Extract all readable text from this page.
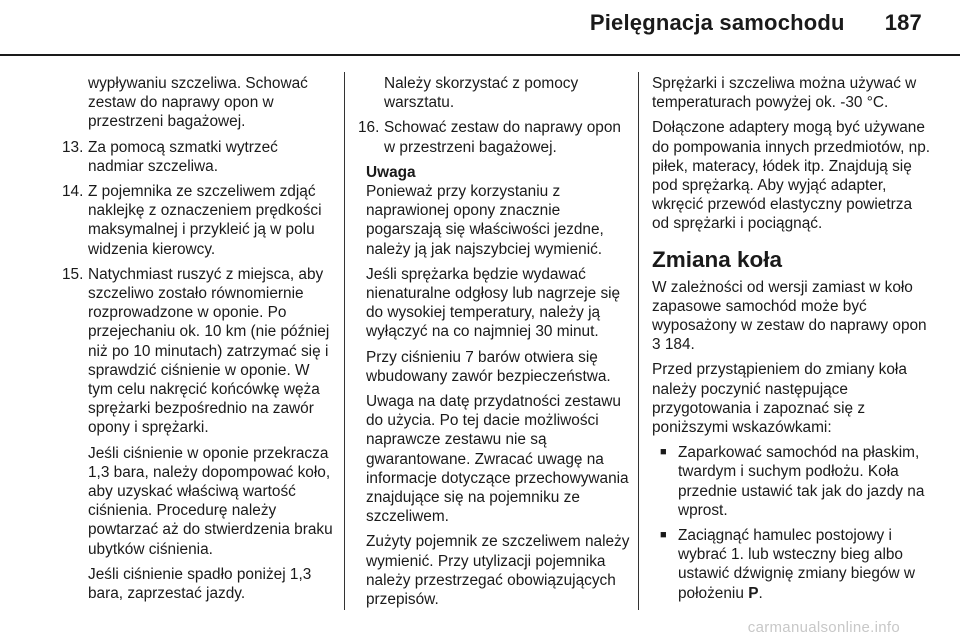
Pielęgnacja samochodu 187

wypływaniu szczeliwa. Schować zestaw do naprawy opon w przestrzeni bagażowej.

13. Za pomocą szmatki wytrzeć nadmiar szczeliwa.
14. Z pojemnika ze szczeliwem zdjąć naklejkę z oznaczeniem prędkości maksymalnej i przykleić ją w polu widzenia kierowcy.
15. Natychmiast ruszyć z miejsca, aby szczeliwo zostało równomiernie rozprowadzone w oponie. Po przejechaniu ok. 10 km (nie później niż po 10 minutach) zatrzymać się i sprawdzić ciśnienie w oponie. W tym celu nakręcić końcówkę węża sprężarki bezpośrednio na zawór opony i sprężarki.

Jeśli ciśnienie w oponie przekracza 1,3 bara, należy dopompować koło, aby uzyskać właściwą wartość ciśnienia. Procedurę należy powtarzać aż do stwierdzenia braku ubytków ciśnienia.

Jeśli ciśnienie spadło poniżej 1,3 bara, zaprzestać jazdy.

Należy skorzystać z pomocy warsztatu.

16. Schować zestaw do naprawy opon w przestrzeni bagażowej.
Uwaga

Ponieważ przy korzystaniu z naprawionej opony znacznie pogarszają się właściwości jezdne, należy ją jak najszybciej wymienić.

Jeśli sprężarka będzie wydawać nienaturalne odgłosy lub nagrzeje się do wysokiej temperatury, należy ją wyłączyć na co najmniej 30 minut.

Przy ciśnieniu 7 barów otwiera się wbudowany zawór bezpieczeństwa.

Uwaga na datę przydatności zestawu do użycia. Po tej dacie możliwości naprawcze zestawu nie są gwarantowane. Zwracać uwagę na informacje dotyczące przechowywania znajdujące się na pojemniku ze szczeliwem.

Zużyty pojemnik ze szczeliwem należy wymienić. Przy utylizacji pojemnika należy przestrzegać obowiązujących przepisów.

Sprężarki i szczeliwa można używać w temperaturach powyżej ok. -30 °C.

Dołączone adaptery mogą być używane do pompowania innych przedmiotów, np. piłek, materacy, łódek itp. Znajdują się pod sprężarką. Aby wyjąć adapter, wkręcić przewód elastyczny powietrza od sprężarki i pociągnąć.

Zmiana koła

W zależności od wersji zamiast w koło zapasowe samochód może być wyposażony w zestaw do naprawy opon 3 184.

Przed przystąpieniem do zmiany koła należy poczynić następujące przygotowania i zapoznać się z poniższymi wskazówkami:

■ Zaparkować samochód na płaskim, twardym i suchym podłożu. Koła przednie ustawić tak jak do jazdy na wprost.
■ Zaciągnąć hamulec postojowy i wybrać 1. lub wsteczny bieg albo ustawić dźwignię zmiany biegów w położeniu P.
carmanualsonline.info
